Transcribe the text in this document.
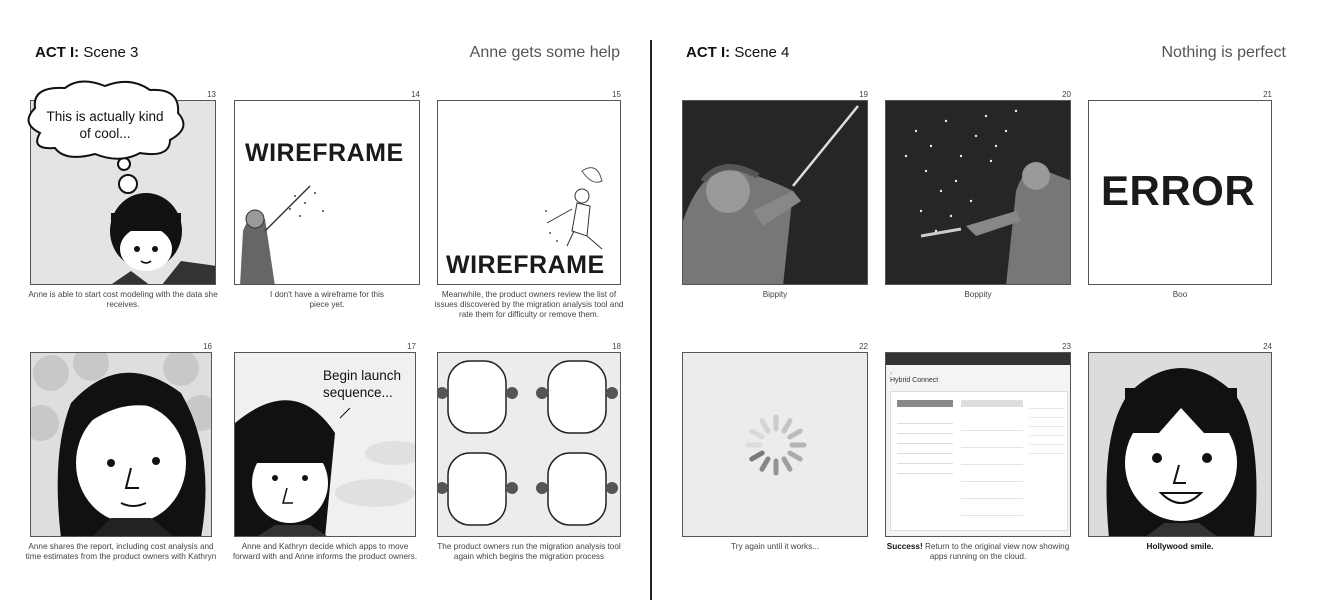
ACT I: Scene 3	Anne gets some help
13
Anne is able to start cost modeling with the data she receives.
This is actually kind of cool...
14
WIREFRAME
I don't have a wireframe for this piece yet.
15
WIREFRAME
Meanwhile, the product owners review the list of issues discovered by the migration analysis tool and rate them for difficulty or remove them.
16
Anne shares the report, including cost analysis and time estimates from the product owners with Kathryn
17
Begin launch sequence...
Anne and Kathryn decide which apps to move forward with and Anne informs the product owners.
18
The product owners run the migration analysis tool again which begins the migration process
ACT I: Scene 4	Nothing is perfect
19
Bippity
20
Boppity
21
ERROR
Boo
22
Try again until it works...
23
›
Hybrid Connect
Success! Return to the original view now showing apps running on the cloud.
24
Hollywood smile.
